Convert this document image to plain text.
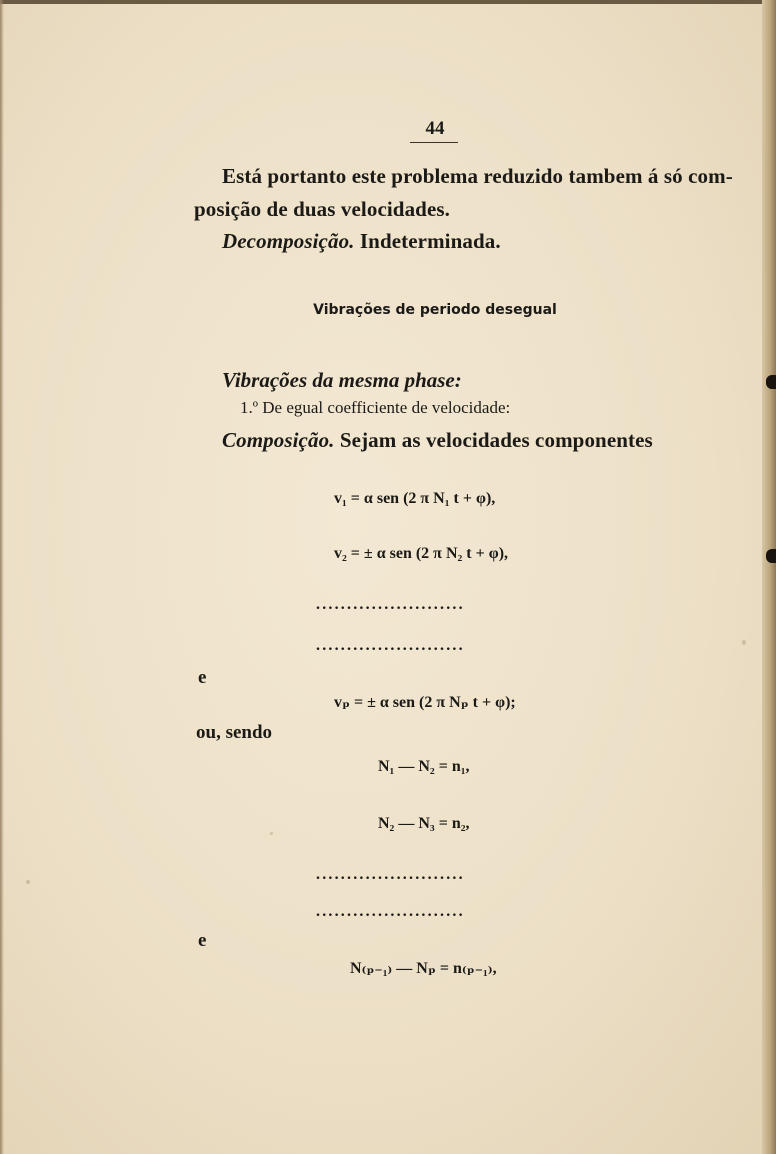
44
Está portanto este problema reduzido tambem á só com-
posição de duas velocidades.
Decomposição. Indeterminada.
Vibrações de periodo desegual
Vibrações da mesma phase:
1.º De egual coefficiente de velocidade:
Composição. Sejam as velocidades componentes
v₁ = α sen (2 π N₁ t + φ),
v₂ = ± α sen (2 π N₂ t + φ),
........................
........................
e
vₚ = ± α sen (2 π Nₚ t + φ);
ou, sendo
N₁ — N₂ = n₁,
N₂ — N₃ = n₂,
........................
........................
e
N₍ₚ₋₁₎ — Nₚ = n₍ₚ₋₁₎,
